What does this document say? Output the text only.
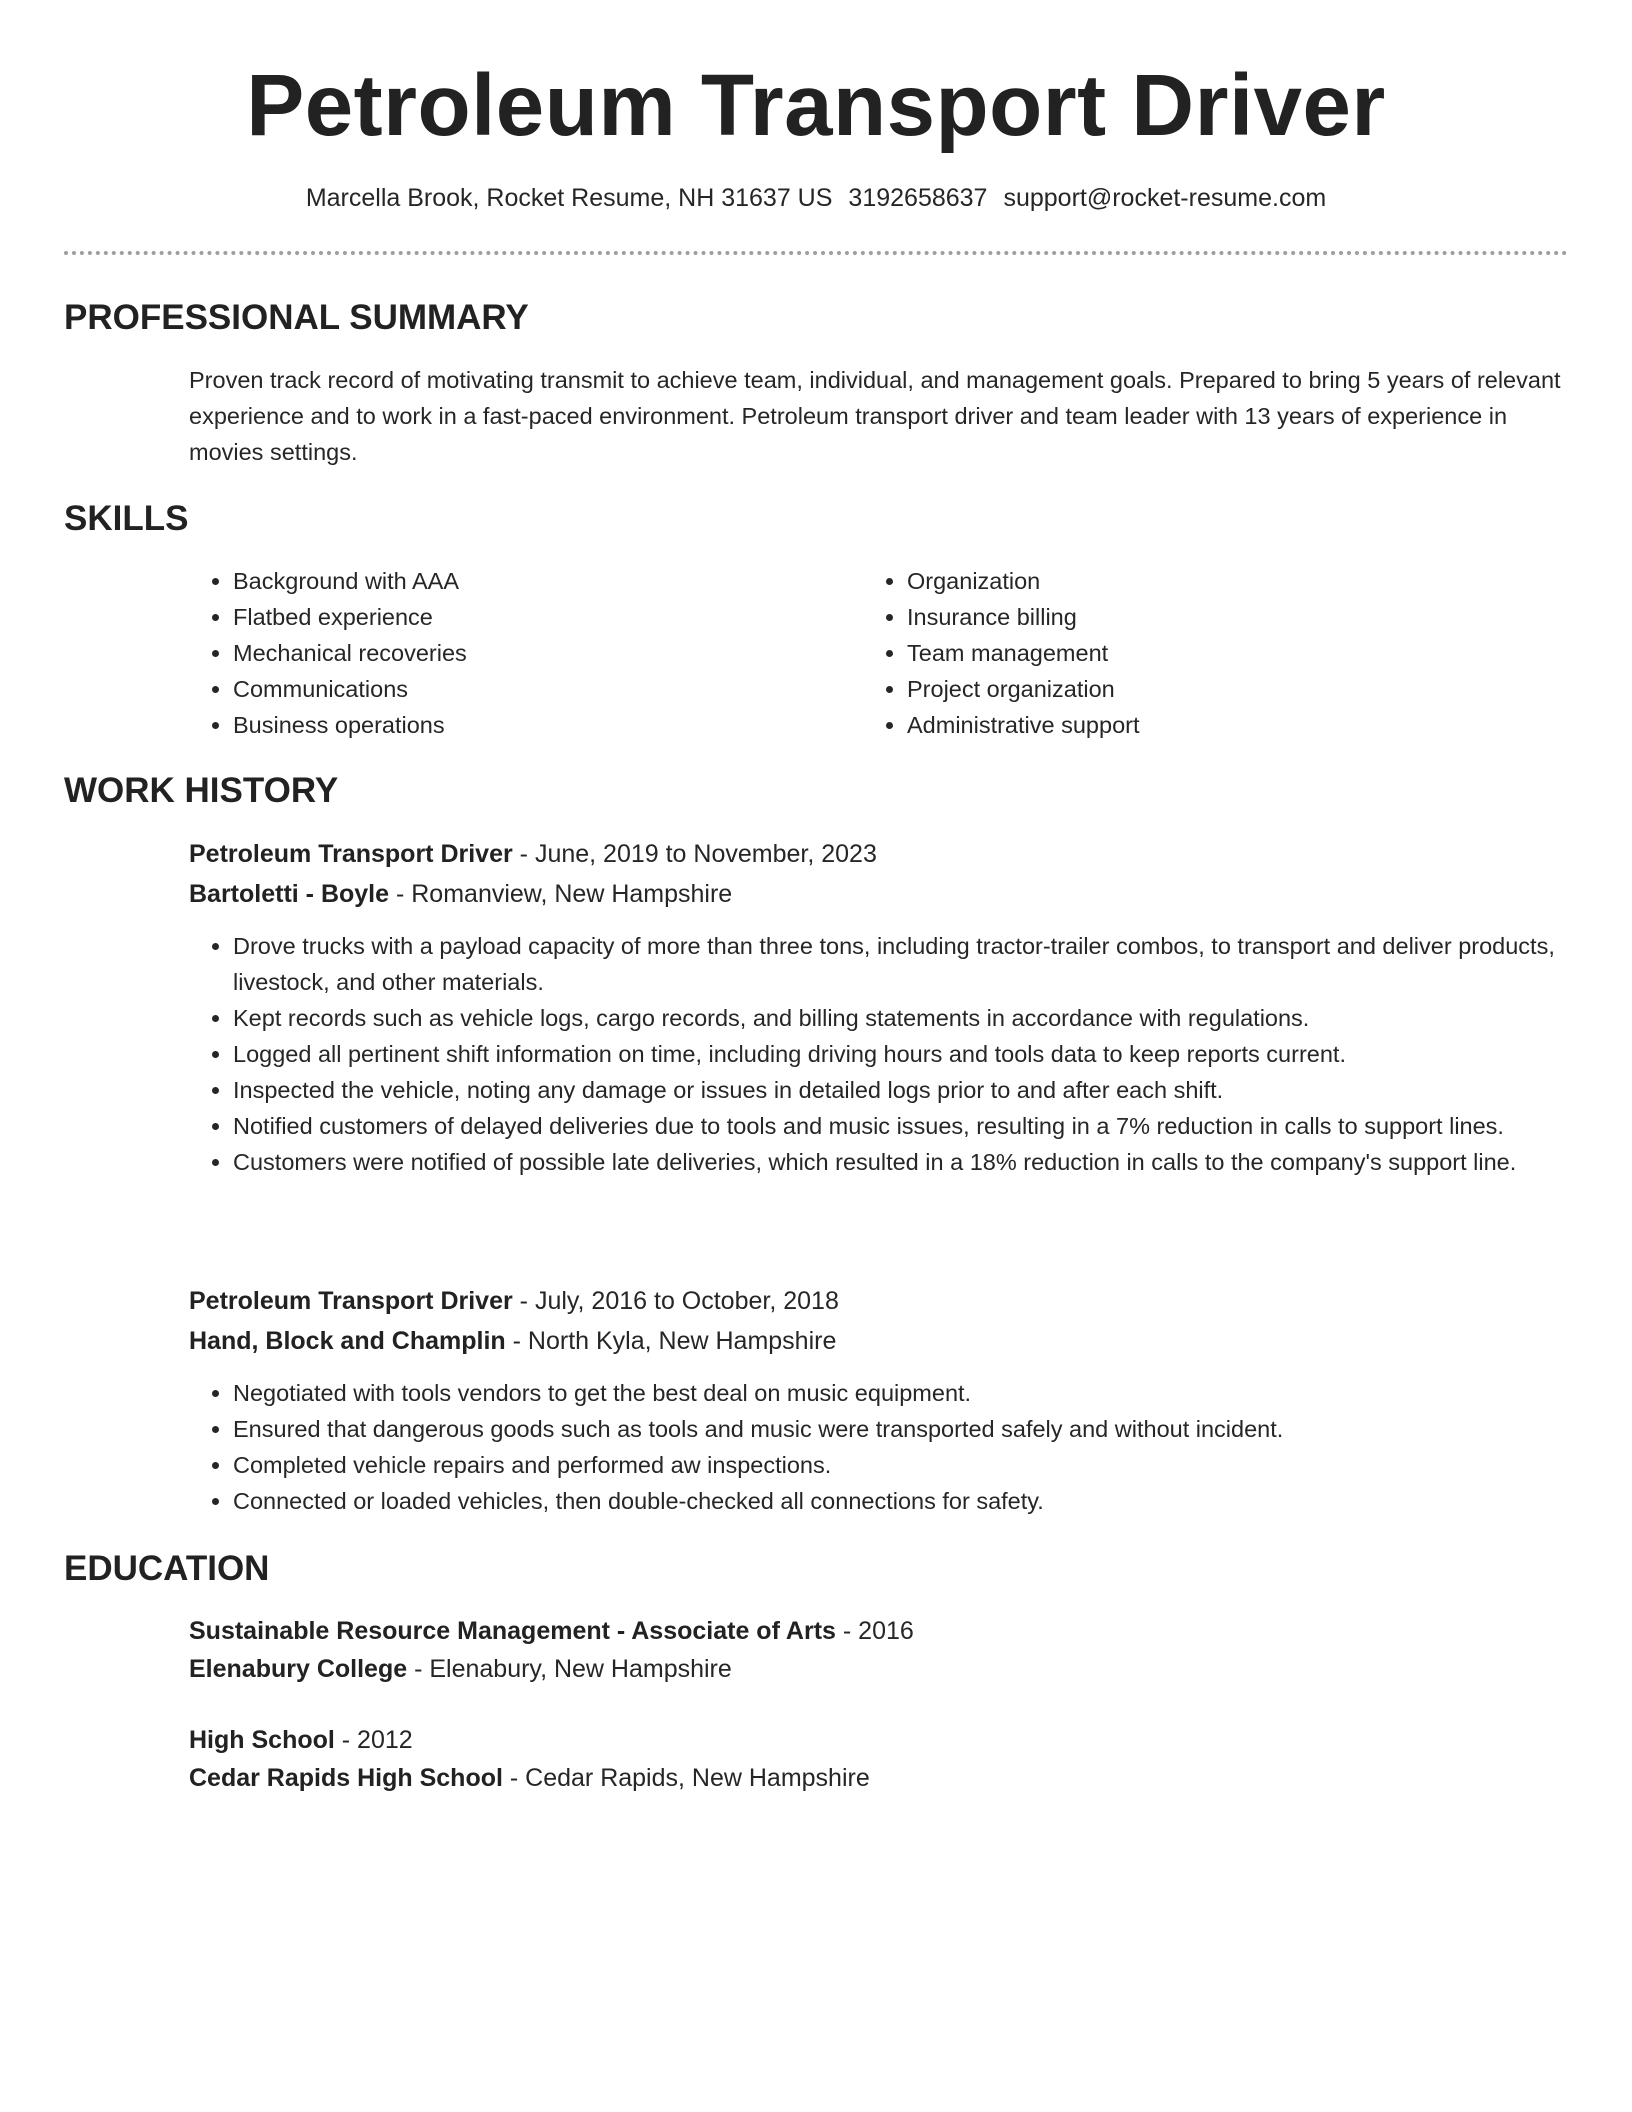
Petroleum Transport Driver
Marcella Brook, Rocket Resume, NH 31637 US 3192658637 support@rocket-resume.com
PROFESSIONAL SUMMARY

Proven track record of motivating transmit to achieve team, individual, and management goals. Prepared to bring 5 years of relevant experience and to work in a fast-paced environment. Petroleum transport driver and team leader with 13 years of experience in movies settings.

SKILLS
• Background with AAA
• Flatbed experience
• Mechanical recoveries
• Communications
• Business operations
• Organization
• Insurance billing
• Team management
• Project organization
• Administrative support
WORK HISTORY
Petroleum Transport Driver - June, 2019 to November, 2023
Bartoletti - Boyle - Romanview, New Hampshire
• Drove trucks with a payload capacity of more than three tons, including tractor-trailer combos, to transport and deliver products, livestock, and other materials.
• Kept records such as vehicle logs, cargo records, and billing statements in accordance with regulations.
• Logged all pertinent shift information on time, including driving hours and tools data to keep reports current.
• Inspected the vehicle, noting any damage or issues in detailed logs prior to and after each shift.
• Notified customers of delayed deliveries due to tools and music issues, resulting in a 7% reduction in calls to support lines.
• Customers were notified of possible late deliveries, which resulted in a 18% reduction in calls to the company's support line.
Petroleum Transport Driver - July, 2016 to October, 2018
Hand, Block and Champlin - North Kyla, New Hampshire
• Negotiated with tools vendors to get the best deal on music equipment.
• Ensured that dangerous goods such as tools and music were transported safely and without incident.
• Completed vehicle repairs and performed aw inspections.
• Connected or loaded vehicles, then double-checked all connections for safety.
EDUCATION
Sustainable Resource Management - Associate of Arts - 2016
Elenabury College - Elenabury, New Hampshire
High School - 2012
Cedar Rapids High School - Cedar Rapids, New Hampshire
